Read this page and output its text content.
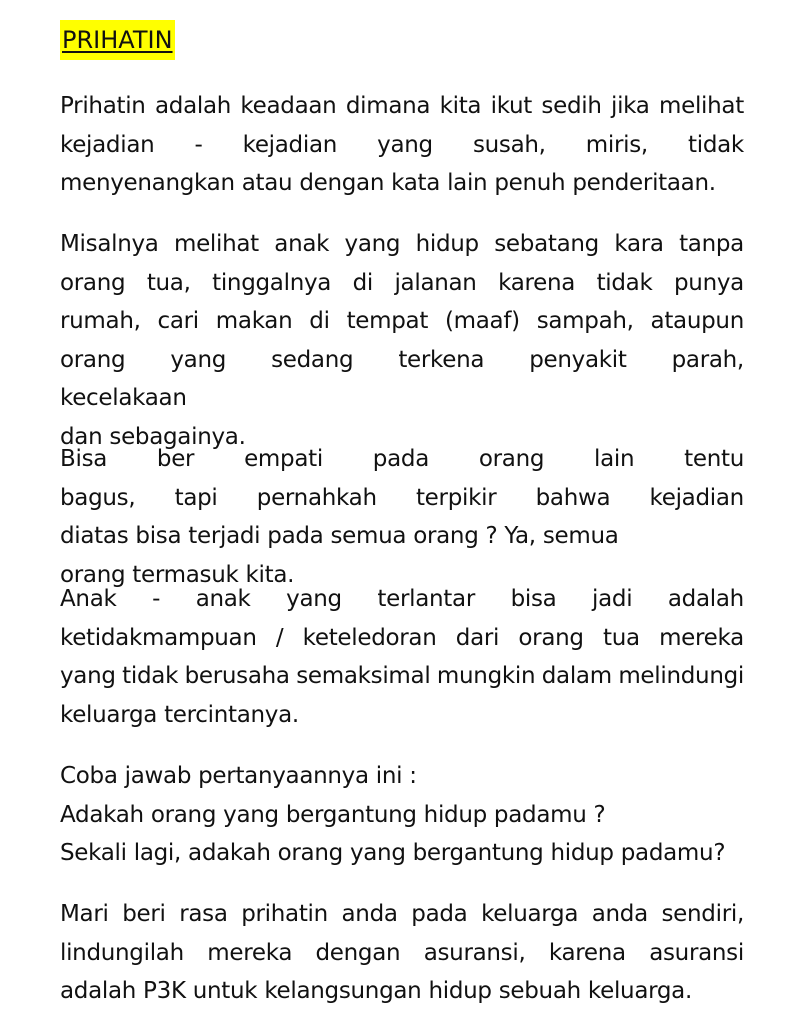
PRIHATIN

Prihatin adalah keadaan dimana kita ikut sedih jika melihat
kejadian - kejadian yang susah, miris, tidak
menyenangkan atau dengan kata lain penuh penderitaan.

Misalnya melihat anak yang hidup sebatang kara tanpa
orang tua, tinggalnya di jalanan karena tidak punya
rumah, cari makan di tempat (maaf) sampah, ataupun
orang yang sedang terkena penyakit parah,
kecelakaan
dan sebagainya.

Bisa ber empati pada orang lain tentu
bagus, tapi pernahkah terpikir bahwa kejadian
diatas bisa terjadi pada semua orang ? Ya, semua
orang termasuk kita.

Anak - anak yang terlantar bisa jadi adalah
ketidakmampuan / keteledoran dari orang tua mereka
yang tidak berusaha semaksimal mungkin dalam melindungi
keluarga tercintanya.

Coba jawab pertanyaannya ini :
Adakah orang yang bergantung hidup padamu ?
Sekali lagi, adakah orang yang bergantung hidup padamu?

Mari beri rasa prihatin anda pada keluarga anda sendiri,
lindungilah mereka dengan asuransi, karena asuransi
adalah P3K untuk kelangsungan hidup sebuah keluarga.
